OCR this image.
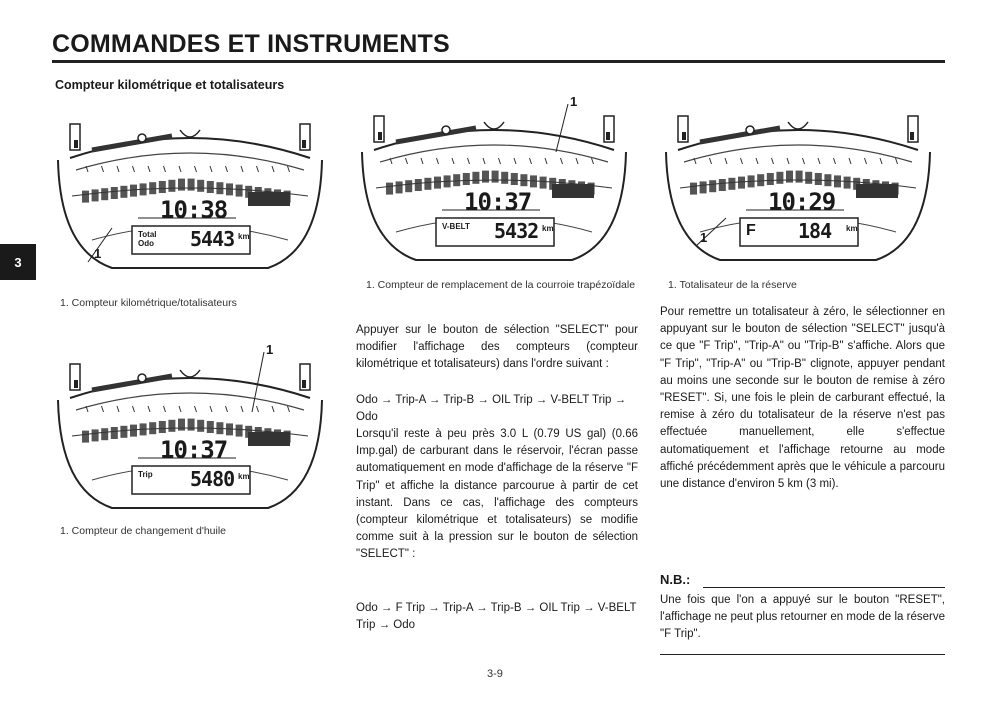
COMMANDES ET INSTRUMENTS
3
Compteur kilométrique et totalisateurs
10:38
Total
Odo 5443 km
1
1. Compteur kilométrique/totalisateurs
10:37
Trip 5480 km
1
1. Compteur de changement d'huile
10:37
V-BELT 5432 km
1
1. Compteur de remplacement de la courroie trapézoïdale
10:29
F 184 km
1
1. Totalisateur de la réserve

Appuyer sur le bouton de sélection "SELECT" pour modifier l'affichage des compteurs (compteur kilométrique et totalisateurs) dans l'ordre suivant :

Odo → Trip-A → Trip-B → OIL Trip → V-BELT Trip → Odo

Lorsqu'il reste à peu près 3.0 L (0.79 US gal) (0.66 Imp.gal) de carburant dans le réservoir, l'écran passe automatiquement en mode d'affichage de la réserve "F Trip" et affiche la distance parcourue à partir de cet instant. Dans ce cas, l'affichage des compteurs (compteur kilométrique et totalisateurs) se modifie comme suit à la pression sur le bouton de sélection "SELECT" :

Odo → F Trip → Trip-A → Trip-B → OIL Trip → V-BELT Trip → Odo

Pour remettre un totalisateur à zéro, le sélectionner en appuyant sur le bouton de sélection "SELECT" jusqu'à ce que "F Trip", "Trip-A" ou "Trip-B" s'affiche. Alors que "F Trip", "Trip-A" ou "Trip-B" clignote, appuyer pendant au moins une seconde sur le bouton de remise à zéro "RESET". Si, une fois le plein de carburant effectué, la remise à zéro du totalisateur de la réserve n'est pas effectuée manuellement, elle s'effectue automatiquement et l'affichage retourne au mode affiché précédemment après que le véhicule a parcouru une distance d'environ 5 km (3 mi).

N.B.:

Une fois que l'on a appuyé sur le bouton "RESET", l'affichage ne peut plus retourner en mode de la réserve "F Trip".

3-9
